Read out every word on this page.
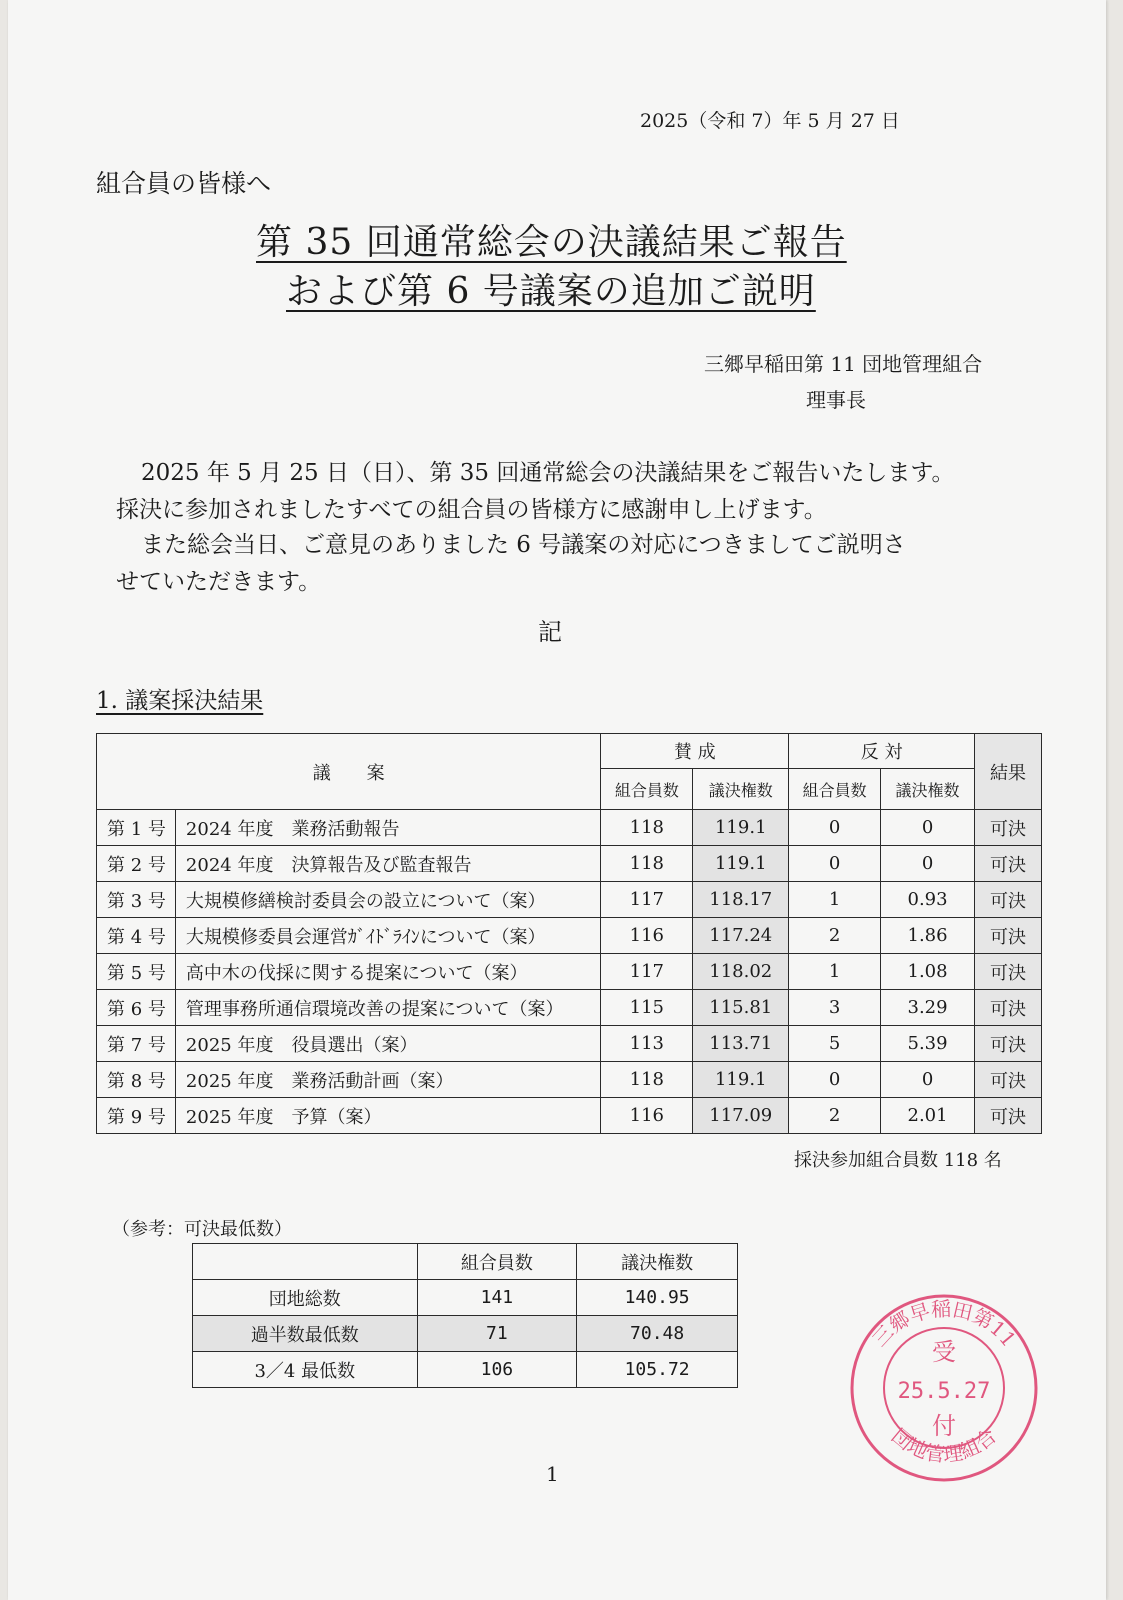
2025（令和 7）年 5 月 27 日
組合員の皆様へ
第 35 回通常総会の決議結果ご報告
および第 6 号議案の追加ご説明
三郷早稲田第 11 団地管理組合
理事長
2025 年 5 月 25 日（日）、第 35 回通常総会の決議結果をご報告いたします。
採決に参加されましたすべての組合員の皆様方に感謝申し上げます。
また総会当日、ご意見のありました 6 号議案の対応につきましてご説明さ
せていただきます。
記
1. 議案採決結果
議　　案		賛 成		反 対		結果
		組合員数	議決権数	組合員数	議決権数	
第 1 号	2024 年度　業務活動報告	118	119.1	0	0	可決
第 2 号	2024 年度　決算報告及び監査報告	118	119.1	0	0	可決
第 3 号	大規模修繕検討委員会の設立について（案）	117	118.17	1	0.93	可決
第 4 号	大規模修委員会運営ｶﾞｲﾄﾞﾗｲﾝについて（案）	116	117.24	2	1.86	可決
第 5 号	高中木の伐採に関する提案について（案）	117	118.02	1	1.08	可決
第 6 号	管理事務所通信環境改善の提案について（案）	115	115.81	3	3.29	可決
第 7 号	2025 年度　役員選出（案）	113	113.71	5	5.39	可決
第 8 号	2025 年度　業務活動計画（案）	118	119.1	0	0	可決
第 9 号	2025 年度　予算（案）	116	117.09	2	2.01	可決
採決参加組合員数 118 名
（参考：可決最低数）
	組合員数	議決権数
団地総数	141	140.95
過半数最低数	71	70.48
3／4 最低数	106	105.72
三郷早稲田第11
団地管理組合
受
25.5.27
付
1
